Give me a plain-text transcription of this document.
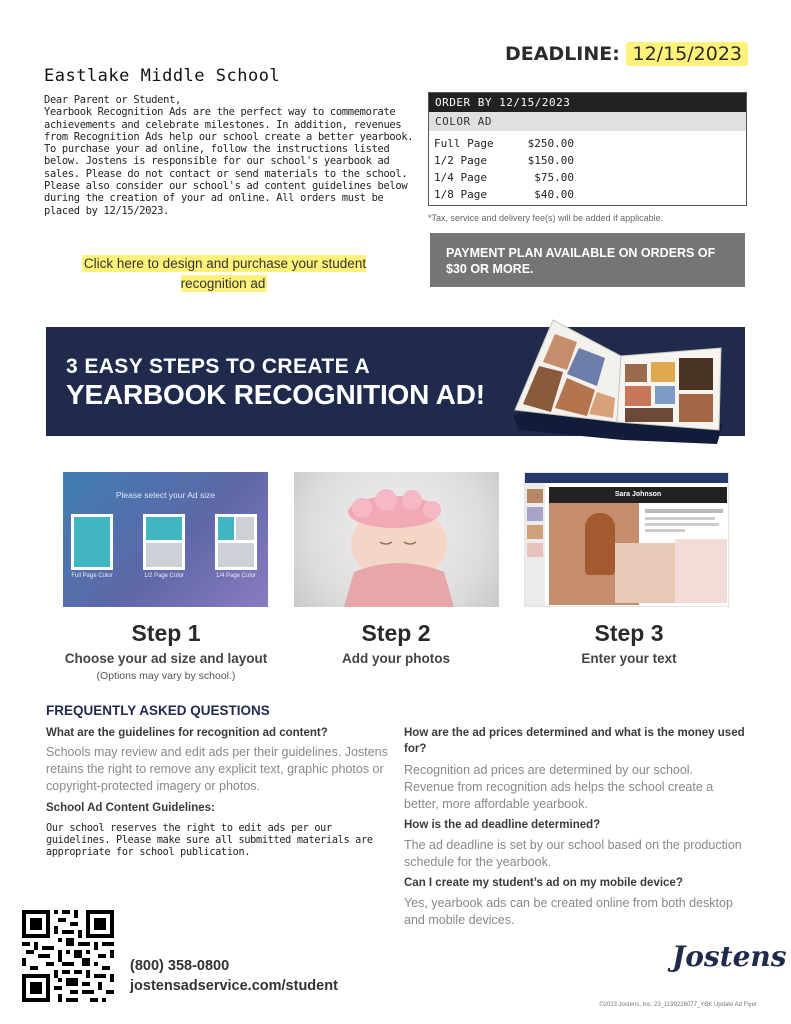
DEADLINE: 12/15/2023
Eastlake Middle School
Dear Parent or Student,
Yearbook Recognition Ads are the perfect way to commemorate achievements and celebrate milestones. In addition, revenues from Recognition Ads help our school create a better yearbook. To purchase your ad online, follow the instructions listed below. Jostens is responsible for our school's yearbook ad sales. Please do not contact or send materials to the school. Please also consider our school's ad content guidelines below during the creation of your ad online. All orders must be placed by 12/15/2023.
ORDER BY 12/15/2023
COLOR AD
Full Page	$250.00
1/2 Page	$150.00
1/4 Page	$75.00
1/8 Page	$40.00
*Tax, service and delivery fee(s) will be added if applicable.
PAYMENT PLAN AVAILABLE ON ORDERS OF $30 OR MORE.
Click here to design and purchase your student recognition ad
3 EASY STEPS TO CREATE A
YEARBOOK RECOGNITION AD!
Please select your Ad size
Full Page Color	1/2 Page Color	1/4 Page Color
Sara Johnson
Step 1
Choose your ad size and layout
(Options may vary by school.)
Step 2
Add your photos
Step 3
Enter your text
FREQUENTLY ASKED QUESTIONS
What are the guidelines for recognition ad content?
Schools may review and edit ads per their guidelines. Jostens retains the right to remove any explicit text, graphic photos or copyright-protected imagery or photos.
School Ad Content Guidelines:
Our school reserves the right to edit ads per our guidelines. Please make sure all submitted materials are appropriate for school publication.
How are the ad prices determined and what is the money used for?
Recognition ad prices are determined by our school. Revenue from recognition ads helps the school create a better, more affordable yearbook.
How is the ad deadline determined?
The ad deadline is set by our school based on the production schedule for the yearbook.
Can I create my student’s ad on my mobile device?
Yes, yearbook ads can be created online from both desktop and mobile devices.
(800) 358-0800
jostensadservice.com/student
Jostens
©2023 Jostens, Inc. 23_1199226077_YBK Update Ad Flyer
